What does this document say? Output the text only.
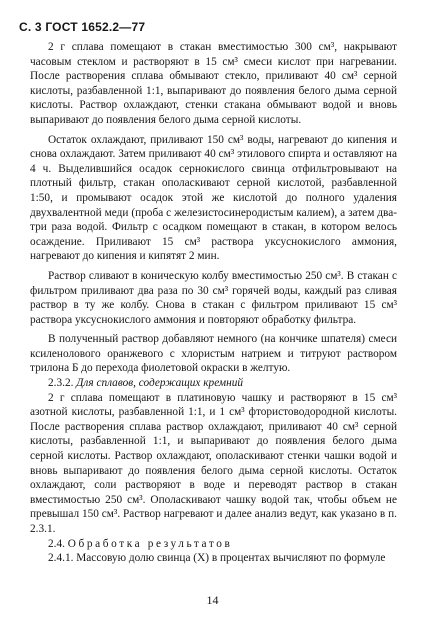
С. 3 ГОСТ 1652.2—77

2 г сплава помещают в стакан вместимостью 300 см³, накрывают часовым стеклом и растворяют в 15 см³ смеси кислот при нагревании. После растворения сплава обмывают стекло, приливают 40 см³ серной кислоты, разбавленной 1:1, выпаривают до появления белого дыма серной кислоты. Раствор охлаждают, стенки стакана обмывают водой и вновь выпаривают до появления белого дыма серной кислоты.

Остаток охлаждают, приливают 150 см³ воды, нагревают до кипения и снова охлаждают. Затем приливают 40 см³ этилового спирта и оставляют на 4 ч. Выделившийся осадок сернокислого свинца отфильтровывают на плотный фильтр, стакан ополаскивают серной кислотой, разбавленной 1:50, и промывают осадок этой же кислотой до полного удаления двухвалентной меди (проба с железистосинеродистым калием), а затем два-три раза водой. Фильтр с осадком помещают в стакан, в котором велось осаждение. Приливают 15 см³ раствора уксуснокислого аммония, нагревают до кипения и кипятят 2 мин.

Раствор сливают в коническую колбу вместимостью 250 см³. В стакан с фильтром приливают два раза по 30 см³ горячей воды, каждый раз сливая раствор в ту же колбу. Снова в стакан с фильтром приливают 15 см³ раствора уксуснокислого аммония и повторяют обработку фильтра.

В полученный раствор добавляют немного (на кончике шпателя) смеси ксиленолового оранжевого с хлористым натрием и титруют раствором трилона Б до перехода фиолетовой окраски в желтую.

2.3.2. Для сплавов, содержащих кремний

2 г сплава помещают в платиновую чашку и растворяют в 15 см³ азотной кислоты, разбавленной 1:1, и 1 см³ фтористоводородной кислоты. После растворения сплава раствор охлаждают, приливают 40 см³ серной кислоты, разбавленной 1:1, и выпаривают до появления белого дыма серной кислоты. Раствор охлаждают, ополаскивают стенки чашки водой и вновь выпаривают до появления белого дыма серной кислоты. Остаток охлаждают, соли растворяют в воде и переводят раствор в стакан вместимостью 250 см³. Ополаскивают чашку водой так, чтобы объем не превышал 150 см³. Раствор нагревают и далее анализ ведут, как указано в п. 2.3.1.

2.4. Обработка результатов

2.4.1. Массовую долю свинца (X) в процентах вычисляют по формуле

14
